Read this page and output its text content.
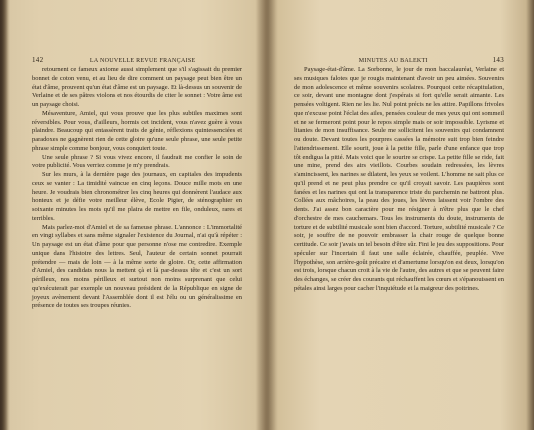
142	LA NOUVELLE REVUE FRANÇAISE

retournent ce fameux axiome aussi simplement que s'il s'agissait du premier bonnet de coton venu, et au lieu de dire comment un paysage peut bien être un état d'âme, prouvent qu'un état d'âme est un paysage. Et là-dessus un souvenir de Verlaine et de ses pâtres violons et nos étourdis de citer le sonnet : Votre âme est un paysage choisi.

Mésaventure, Amiel, qui vous prouve que les plus subtiles maximes sont réversibles. Pour vous, d'ailleurs, hormis cet incident, vous n'avez guère à vous plaindre. Beaucoup qui entassèrent traits de génie, réflexions quintessenciées et paradoxes ne gagnèrent rien de cette gloire qu'une seule phrase, une seule petite phrase simple comme bonjour, vous conquiert toute.

Une seule phrase ? Si vous vivez encore, il faudrait me confier le soin de votre publicité. Vous verriez comme je m'y prendrais.

Sur les murs, à la dernière page des journaux, en capitales des impudents ceux se vanter : La timidité vaincue en cinq leçons. Douce mille mots en une heure. Je voudrais bien chronométrer les cinq heures qui donnèrent l'audace aux honteux et je défie votre meilleur élève, Ecole Pigier, de sténographier en soixante minutes les mots qu'il me plaira de mettre en file, onduleux, rares et terribles.

Mais parlez-moi d'Amiel et de sa fameuse phrase. L'annonce : L'immortalité en vingt syllabes et sans même signaler l'existence du Journal, n'ai qu'à répéter : Un paysage est un état d'âme pour que personne n'ose me contredire. Exemple unique dans l'histoire des lettres. Seul, l'auteur de certain sonnet pourrait prétendre — mais de loin — à la même sorte de gloire. Or, cette affirmation d'Amiel, des candidats nous la mettent çà et là par-dessus tête et c'est un sort périlleux, nos moins périlleux et surtout non moins surprenant que celui qu'exécuterait par exemple un nouveau président de la République en signe de joyeux avènement devant l'Assemblée dont il est l'élu ou un généralissime en présence de toutes ses troupes réunies.

MINUTES AU BALEKTI	143

Paysage-état-d'âme. La Sorbonne, le jour de mon baccalauréat, Verlaine et ses musiques falotes que je rougis maintenant d'avoir un peu aimées. Souvenirs de mon adolescence et même souvenirs scolaires. Pourquoi cette récapitulation, ce soir, devant une montagne dont j'espérais si fort qu'elle serait aimante. Les pensées voltigent. Rien ne les lie. Nul point précis ne les attire. Papillons frivoles que n'excuse point l'éclat des ailes, pensées couleur de mes yeux qui ont sommeil et ne se fermeront point pour le repos simple mais or soir impossible. Lyrisme et litanies de mon insuffisance. Seule me sollicitent les souvenirs qui condamnent ou doute. Devant toutes les pourpres cassées la mémoire suit trop bien feindre l'attendrissement. Elle sourit, joue à la petite fille, parle d'une enfance que trop tôt endigua la pitié. Mais voici que le sourire se crispe. La petite fille se ride, fait une mine, prend des airs vieillots. Courbes soudain redressées, les lèvres s'amincissent, les narines se dilatent, les yeux se voilent. L'homme ne sait plus ce qu'il prend et ne peut plus prendre ce qu'il croyait savoir. Les paupières sont fanées et les narines qui ont la transparence triste du parchemin ne battront plus. Collées aux mâchoires, la peau des joues, les lèvres laissent voir l'ombre des dents. J'ai assez bon caractère pour me résigner à n'être plus que le chef d'orchestre de mes cauchemars. Tous les instruments du doute, instruments de torture et de subtilité musicale sont bien d'accord. Torture, subtilité musicale ? Ce soir, je souffre de ne pouvoir embrasser la chair rouge de quelque bonne certitude. Ce soir j'avais un tel besoin d'être sûr. Fini le jeu des suppositions. Pour spéculer sur l'incertain il faut une salle éclairée, chauffée, peuplée. Vive l'hypothèse, son arrière-goût précaire et d'amertume lorsqu'on est deux, lorsqu'on est trois, lorsque chacun croit à la vie de l'autre, des autres et que se peuvent faire des échanges, se créer des courants qui réchauffent les cœurs et s'épanouissent en pétales ainsi larges pour cacher l'inquiétude et la maigreur des poitrines.
